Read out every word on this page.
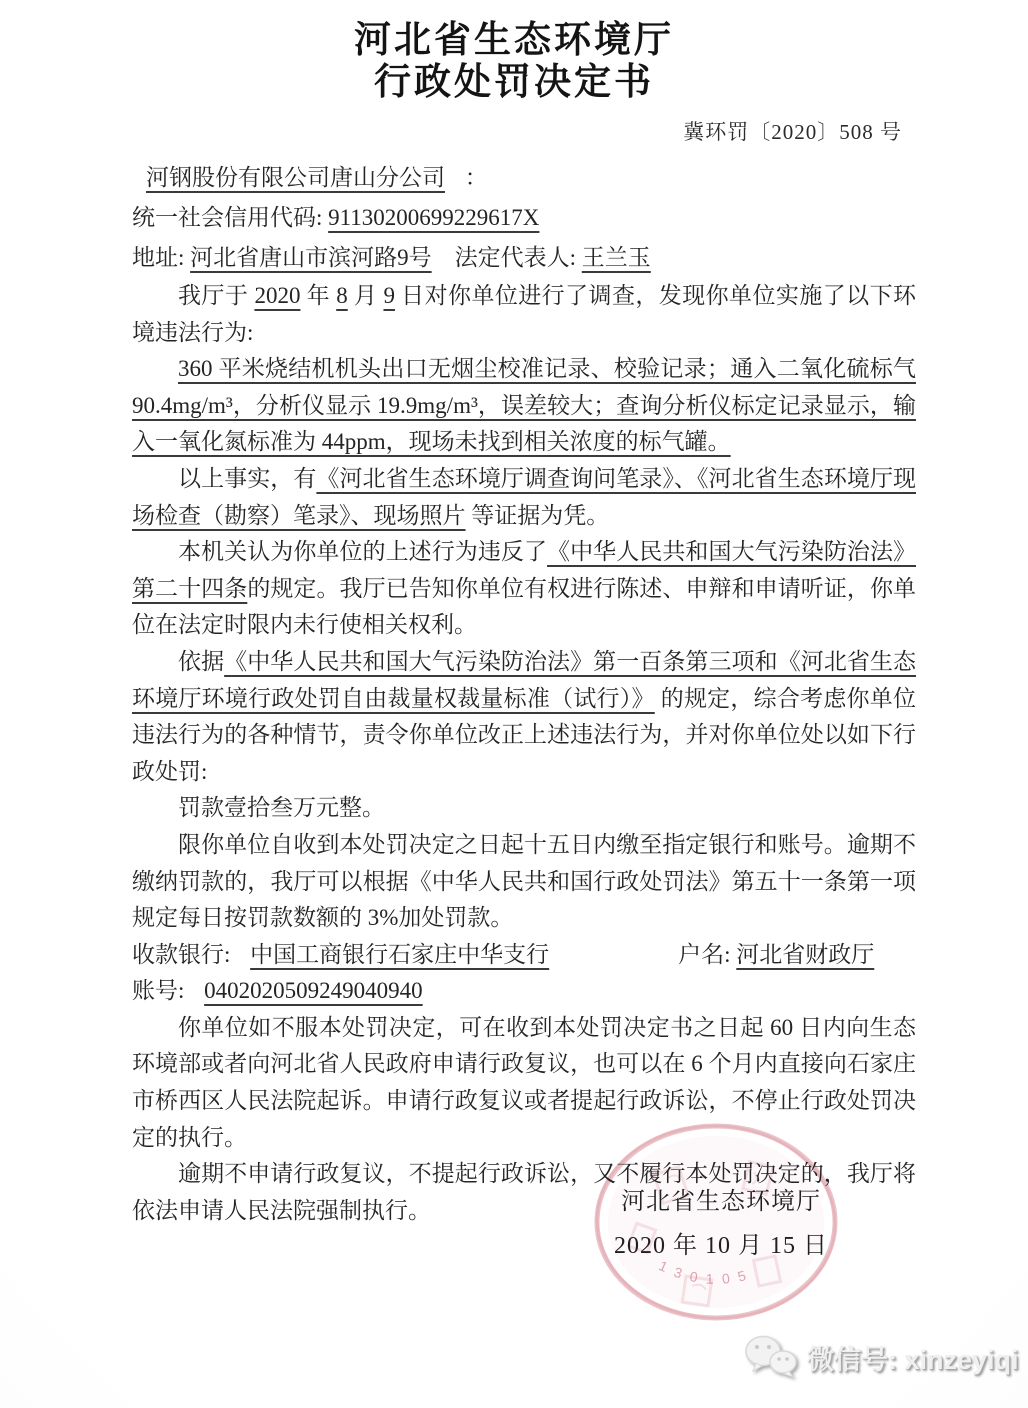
河北省生态环境厅
行政处罚决定书
冀环罚〔2020〕508 号

河钢股份有限公司唐山分公司 ：

统一社会信用代码: 91130200699229617X

地址: 河北省唐山市滨河路9号　法定代表人: 王兰玉

我厅于 2020 年 8 月 9 日对你单位进行了调查，发现你单位实施了以下环境违法行为:

360 平米烧结机机头出口无烟尘校准记录、校验记录；通入二氧化硫标气 90.4mg/m³，分析仪显示 19.9mg/m³，误差较大；查询分析仪标定记录显示，输入一氧化氮标准为 44ppm，现场未找到相关浓度的标气罐。

以上事实，有《河北省生态环境厅调查询问笔录》、《河北省生态环境厅现场检查（勘察）笔录》、现场照片 等证据为凭。

本机关认为你单位的上述行为违反了《中华人民共和国大气污染防治法》第二十四条的规定。我厅已告知你单位有权进行陈述、申辩和申请听证，你单位在法定时限内未行使相关权利。

依据《中华人民共和国大气污染防治法》第一百条第三项和《河北省生态环境厅环境行政处罚自由裁量权裁量标准（试行）》 的规定，综合考虑你单位违法行为的各种情节，责令你单位改正上述违法行为，并对你单位处以如下行政处罚:

罚款壹拾叁万元整。

限你单位自收到本处罚决定之日起十五日内缴至指定银行和账号。逾期不缴纳罚款的，我厅可以根据《中华人民共和国行政处罚法》第五十一条第一项规定每日按罚款数额的 3%加处罚款。

收款银行: 中国工商银行石家庄中华支行　　　　　户名: 河北省财政厅

账号: 0402020509249040940

你单位如不服本处罚决定，可在收到本处罚决定书之日起 60 日内向生态环境部或者向河北省人民政府申请行政复议，也可以在 6 个月内直接向石家庄市桥西区人民法院起诉。申请行政复议或者提起行政诉讼，不停止行政处罚决定的执行。

逾期不申请行政复议，不提起行政诉讼，又不履行本处罚决定的，我厅将依法申请人民法院强制执行。

130105
河北省生态环境厅
2020 年 10 月 15 日
微信号: xinzeyiqi
